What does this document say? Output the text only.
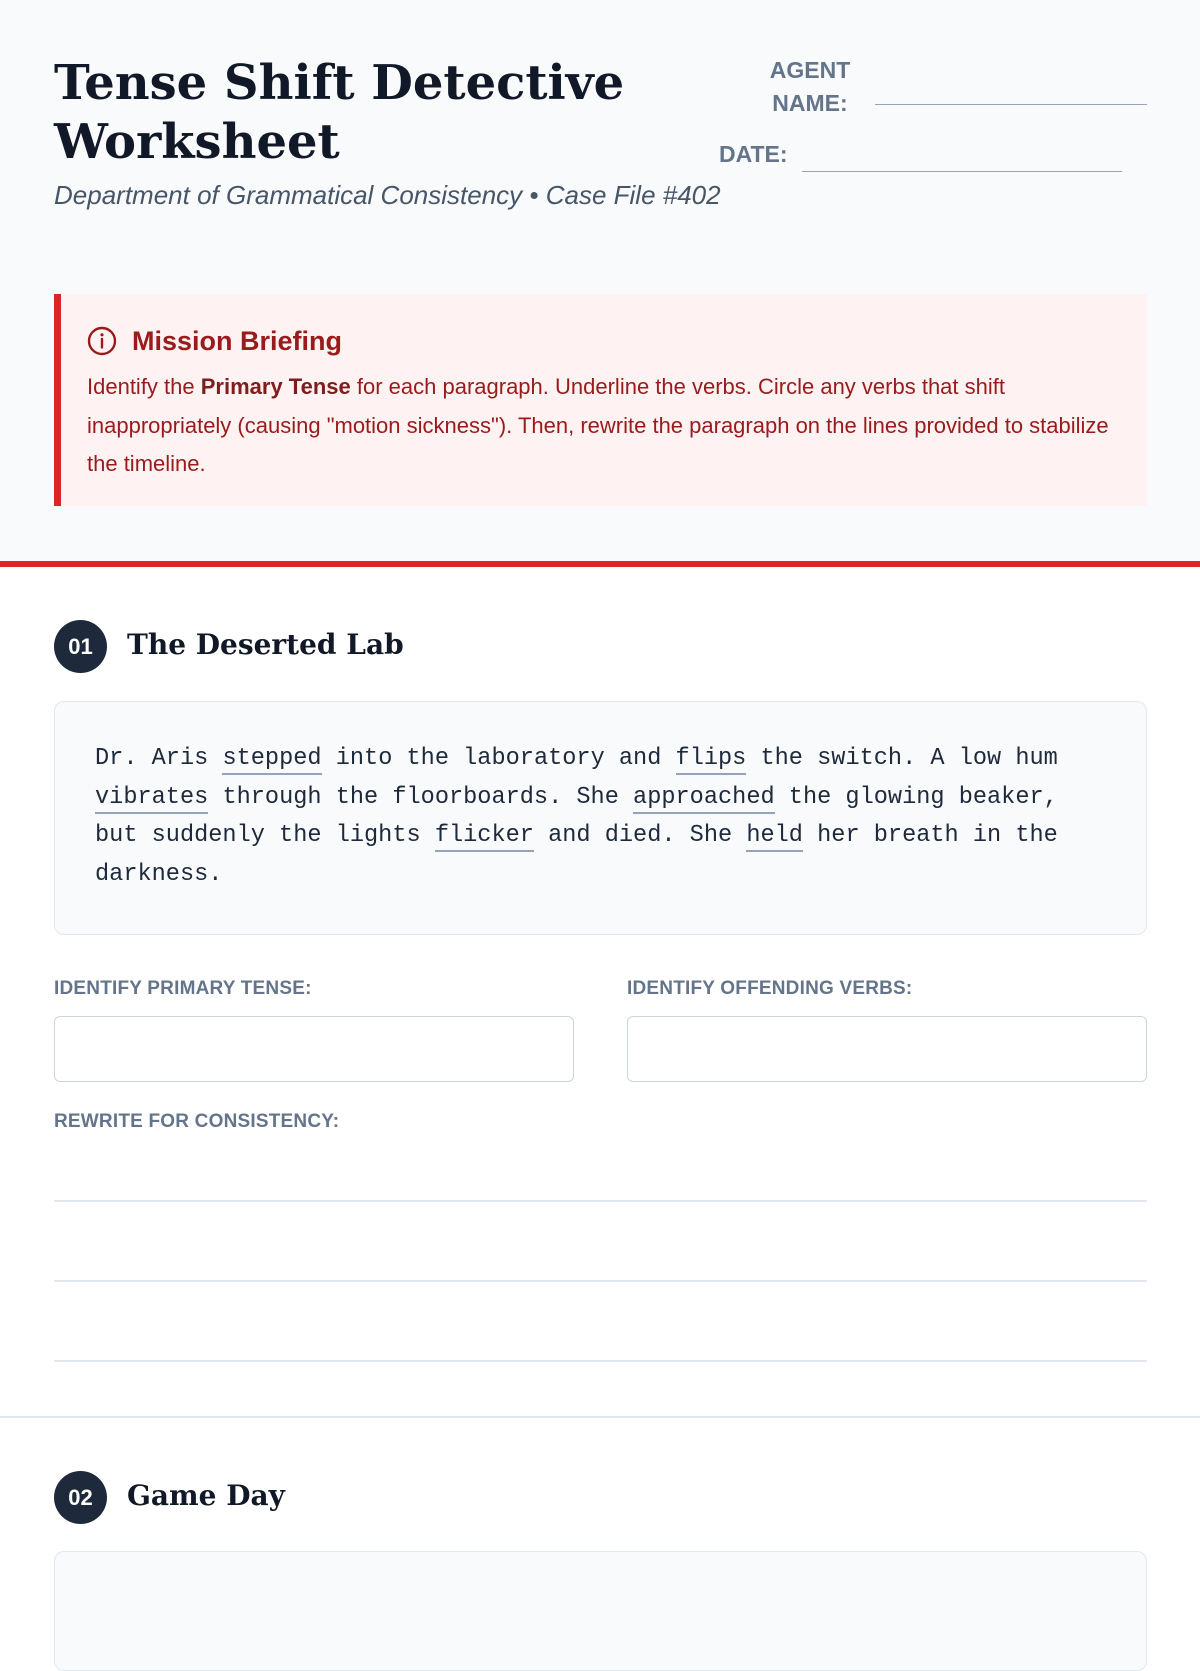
Tense Shift Detective Worksheet
Department of Grammatical Consistency • Case File #402
AGENT NAME:
DATE:
Mission Briefing
Identify the Primary Tense for each paragraph. Underline the verbs. Circle any verbs that shift inappropriately (causing "motion sickness"). Then, rewrite the paragraph on the lines provided to stabilize the timeline.
01	The Deserted Lab
Dr. Aris stepped into the laboratory and flips the switch. A low hum vibrates through the floorboards. She approached the glowing beaker, but suddenly the lights flicker and died. She held her breath in the darkness.
IDENTIFY PRIMARY TENSE:	IDENTIFY OFFENDING VERBS:
REWRITE FOR CONSISTENCY:
02	Game Day
